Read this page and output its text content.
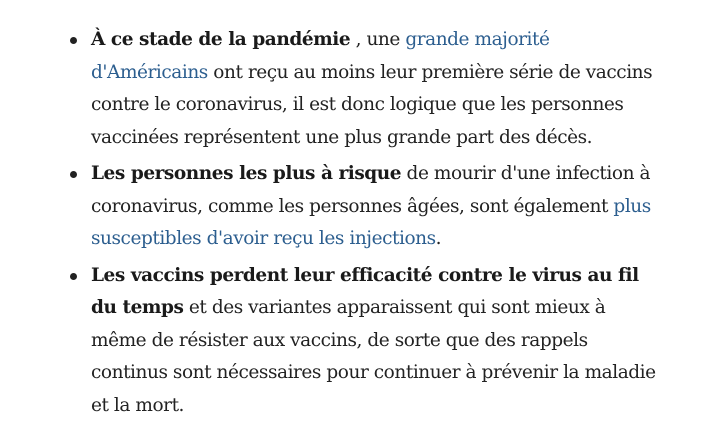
À ce stade de la pandémie , une grande majorité d'Américains ont reçu au moins leur première série de vaccins contre le coronavirus, il est donc logique que les personnes vaccinées représentent une plus grande part des décès.
Les personnes les plus à risque de mourir d'une infection à coronavirus, comme les personnes âgées, sont également plus susceptibles d'avoir reçu les injections.
Les vaccins perdent leur efficacité contre le virus au fil du temps et des variantes apparaissent qui sont mieux à même de résister aux vaccins, de sorte que des rappels continus sont nécessaires pour continuer à prévenir la maladie et la mort.
